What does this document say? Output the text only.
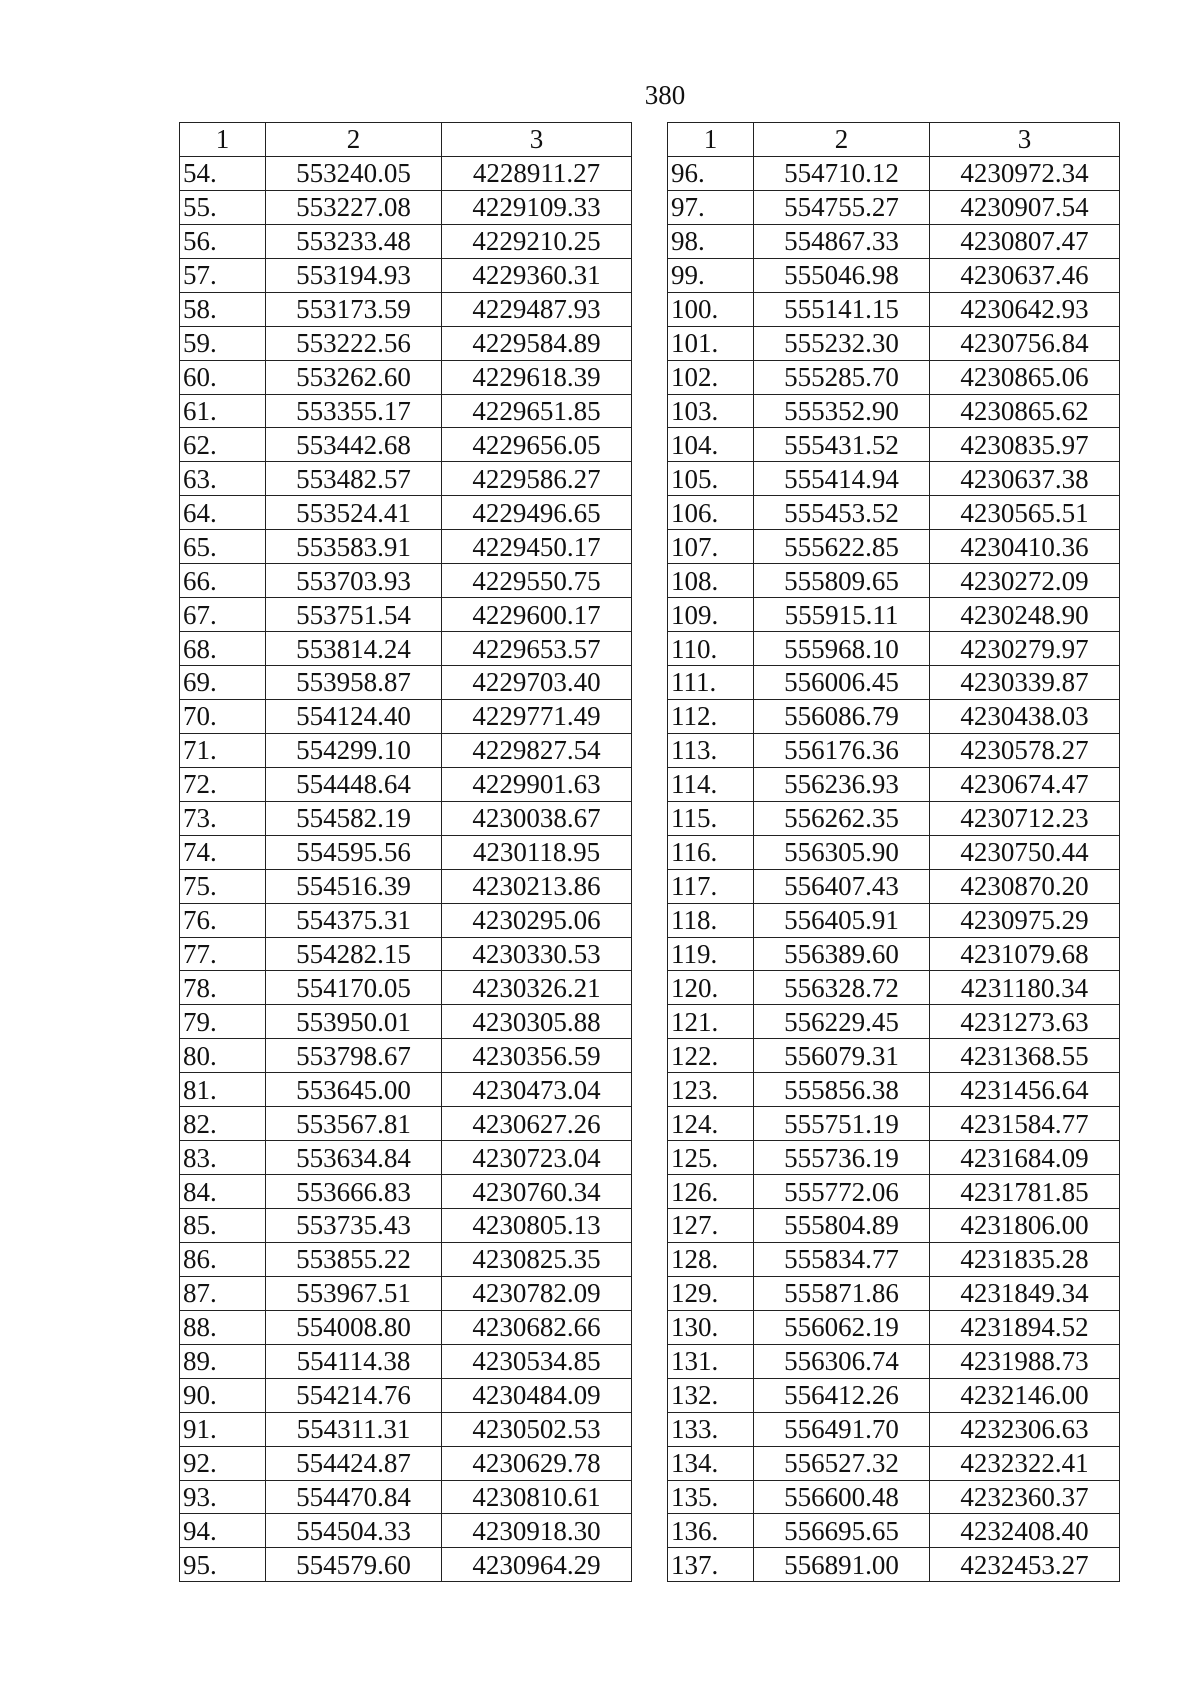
380
1	2	3
54.	553240.05	4228911.27
55.	553227.08	4229109.33
56.	553233.48	4229210.25
57.	553194.93	4229360.31
58.	553173.59	4229487.93
59.	553222.56	4229584.89
60.	553262.60	4229618.39
61.	553355.17	4229651.85
62.	553442.68	4229656.05
63.	553482.57	4229586.27
64.	553524.41	4229496.65
65.	553583.91	4229450.17
66.	553703.93	4229550.75
67.	553751.54	4229600.17
68.	553814.24	4229653.57
69.	553958.87	4229703.40
70.	554124.40	4229771.49
71.	554299.10	4229827.54
72.	554448.64	4229901.63
73.	554582.19	4230038.67
74.	554595.56	4230118.95
75.	554516.39	4230213.86
76.	554375.31	4230295.06
77.	554282.15	4230330.53
78.	554170.05	4230326.21
79.	553950.01	4230305.88
80.	553798.67	4230356.59
81.	553645.00	4230473.04
82.	553567.81	4230627.26
83.	553634.84	4230723.04
84.	553666.83	4230760.34
85.	553735.43	4230805.13
86.	553855.22	4230825.35
87.	553967.51	4230782.09
88.	554008.80	4230682.66
89.	554114.38	4230534.85
90.	554214.76	4230484.09
91.	554311.31	4230502.53
92.	554424.87	4230629.78
93.	554470.84	4230810.61
94.	554504.33	4230918.30
95.	554579.60	4230964.29
1	2	3
96.	554710.12	4230972.34
97.	554755.27	4230907.54
98.	554867.33	4230807.47
99.	555046.98	4230637.46
100.	555141.15	4230642.93
101.	555232.30	4230756.84
102.	555285.70	4230865.06
103.	555352.90	4230865.62
104.	555431.52	4230835.97
105.	555414.94	4230637.38
106.	555453.52	4230565.51
107.	555622.85	4230410.36
108.	555809.65	4230272.09
109.	555915.11	4230248.90
110.	555968.10	4230279.97
111.	556006.45	4230339.87
112.	556086.79	4230438.03
113.	556176.36	4230578.27
114.	556236.93	4230674.47
115.	556262.35	4230712.23
116.	556305.90	4230750.44
117.	556407.43	4230870.20
118.	556405.91	4230975.29
119.	556389.60	4231079.68
120.	556328.72	4231180.34
121.	556229.45	4231273.63
122.	556079.31	4231368.55
123.	555856.38	4231456.64
124.	555751.19	4231584.77
125.	555736.19	4231684.09
126.	555772.06	4231781.85
127.	555804.89	4231806.00
128.	555834.77	4231835.28
129.	555871.86	4231849.34
130.	556062.19	4231894.52
131.	556306.74	4231988.73
132.	556412.26	4232146.00
133.	556491.70	4232306.63
134.	556527.32	4232322.41
135.	556600.48	4232360.37
136.	556695.65	4232408.40
137.	556891.00	4232453.27
